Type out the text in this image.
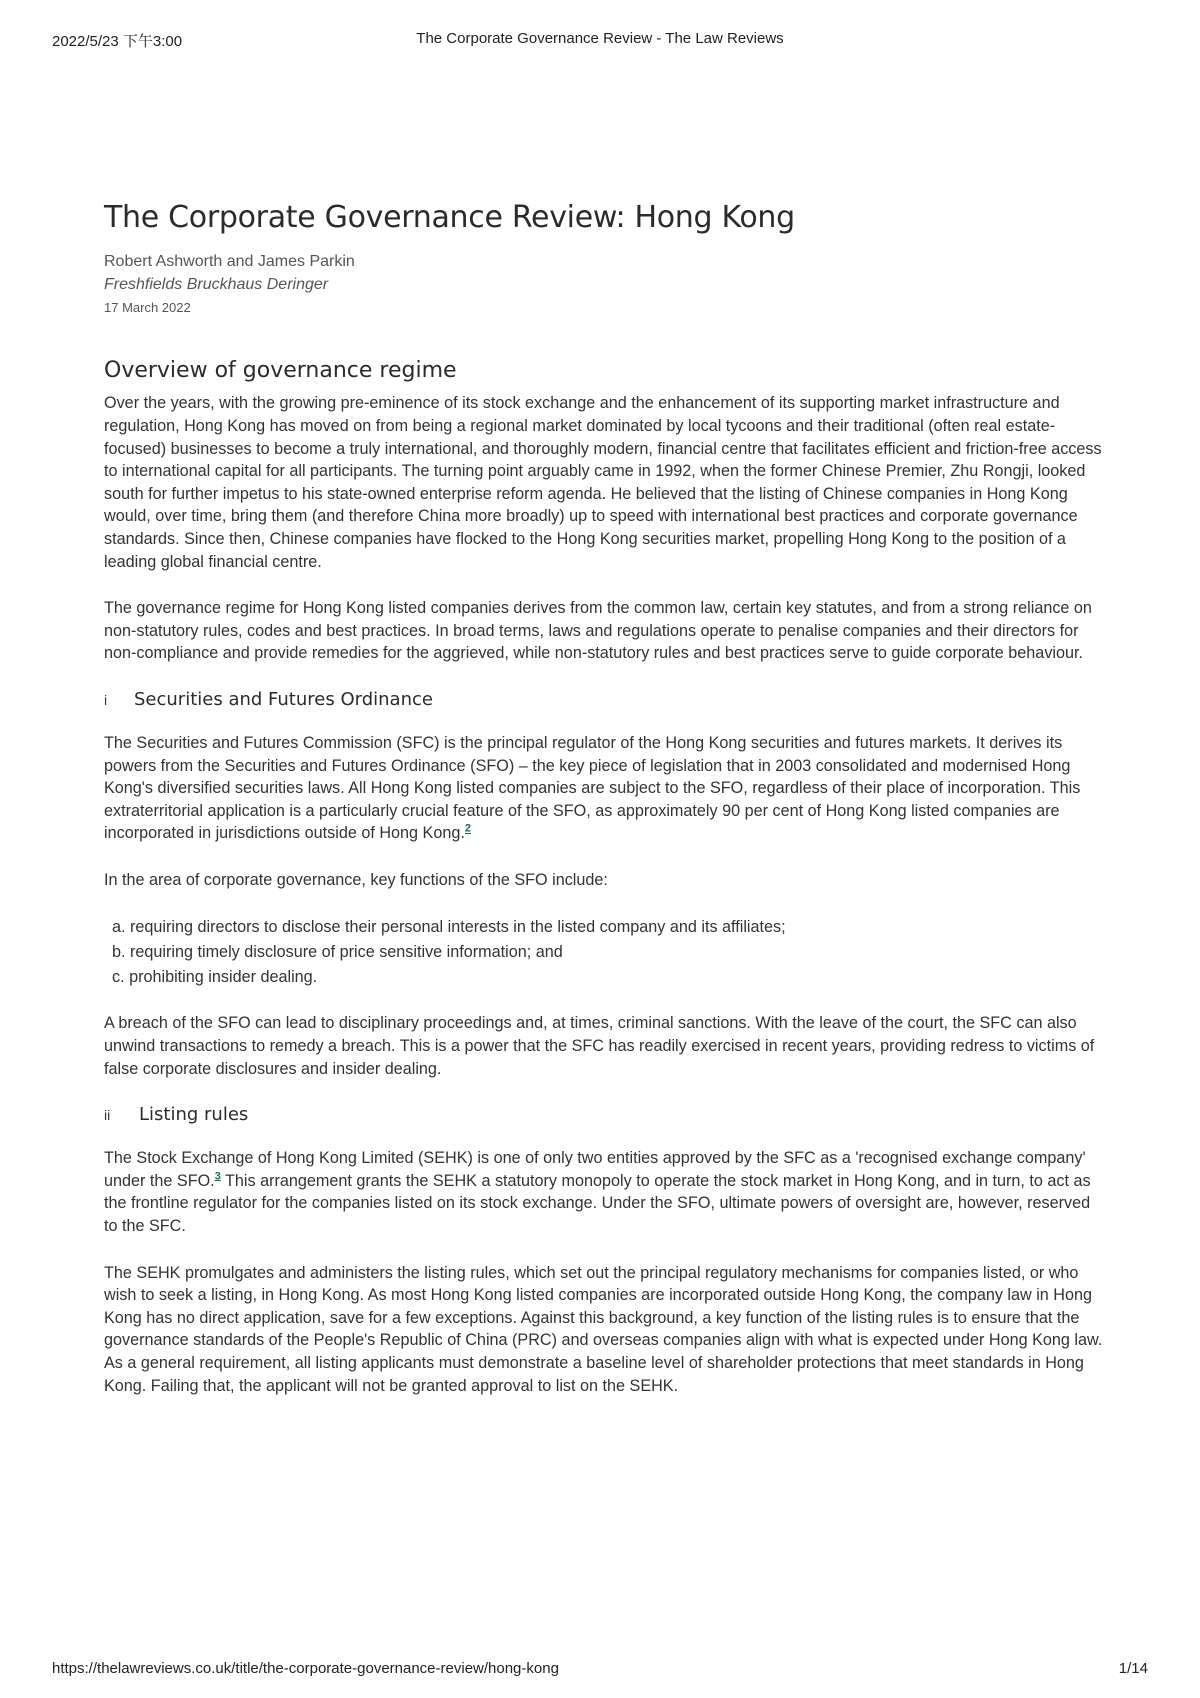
2022/5/23 下午3:00	The Corporate Governance Review - The Law Reviews
The Corporate Governance Review: Hong Kong

Robert Ashworth and James Parkin

Freshfields Bruckhaus Deringer

17 March 2022

Overview of governance regime

Over the years, with the growing pre-eminence of its stock exchange and the enhancement of its supporting market infrastructure and regulation, Hong Kong has moved on from being a regional market dominated by local tycoons and their traditional (often real estate-focused) businesses to become a truly international, and thoroughly modern, financial centre that facilitates efficient and friction-free access to international capital for all participants. The turning point arguably came in 1992, when the former Chinese Premier, Zhu Rongji, looked south for further impetus to his state-owned enterprise reform agenda. He believed that the listing of Chinese companies in Hong Kong would, over time, bring them (and therefore China more broadly) up to speed with international best practices and corporate governance standards. Since then, Chinese companies have flocked to the Hong Kong securities market, propelling Hong Kong to the position of a leading global financial centre.

The governance regime for Hong Kong listed companies derives from the common law, certain key statutes, and from a strong reliance on non-statutory rules, codes and best practices. In broad terms, laws and regulations operate to penalise companies and their directors for non-compliance and provide remedies for the aggrieved, while non-statutory rules and best practices serve to guide corporate behaviour.

i	Securities and Futures Ordinance

The Securities and Futures Commission (SFC) is the principal regulator of the Hong Kong securities and futures markets. It derives its powers from the Securities and Futures Ordinance (SFO) – the key piece of legislation that in 2003 consolidated and modernised Hong Kong's diversified securities laws. All Hong Kong listed companies are subject to the SFO, regardless of their place of incorporation. This extraterritorial application is a particularly crucial feature of the SFO, as approximately 90 per cent of Hong Kong listed companies are incorporated in jurisdictions outside of Hong Kong.$^2$

In the area of corporate governance, key functions of the SFO include:

a. requiring directors to disclose their personal interests in the listed company and its affiliates;
b. requiring timely disclosure of price sensitive information; and
c. prohibiting insider dealing.

A breach of the SFO can lead to disciplinary proceedings and, at times, criminal sanctions. With the leave of the court, the SFC can also unwind transactions to remedy a breach. This is a power that the SFC has readily exercised in recent years, providing redress to victims of false corporate disclosures and insider dealing.

ii	Listing rules

The Stock Exchange of Hong Kong Limited (SEHK) is one of only two entities approved by the SFC as a 'recognised exchange company' under the SFO.$^3$ This arrangement grants the SEHK a statutory monopoly to operate the stock market in Hong Kong, and in turn, to act as the frontline regulator for the companies listed on its stock exchange. Under the SFO, ultimate powers of oversight are, however, reserved to the SFC.

The SEHK promulgates and administers the listing rules, which set out the principal regulatory mechanisms for companies listed, or who wish to seek a listing, in Hong Kong. As most Hong Kong listed companies are incorporated outside Hong Kong, the company law in Hong Kong has no direct application, save for a few exceptions. Against this background, a key function of the listing rules is to ensure that the governance standards of the People's Republic of China (PRC) and overseas companies align with what is expected under Hong Kong law. As a general requirement, all listing applicants must demonstrate a baseline level of shareholder protections that meet standards in Hong Kong. Failing that, the applicant will not be granted approval to list on the SEHK.

https://thelawreviews.co.uk/title/the-corporate-governance-review/hong-kong	1/14
